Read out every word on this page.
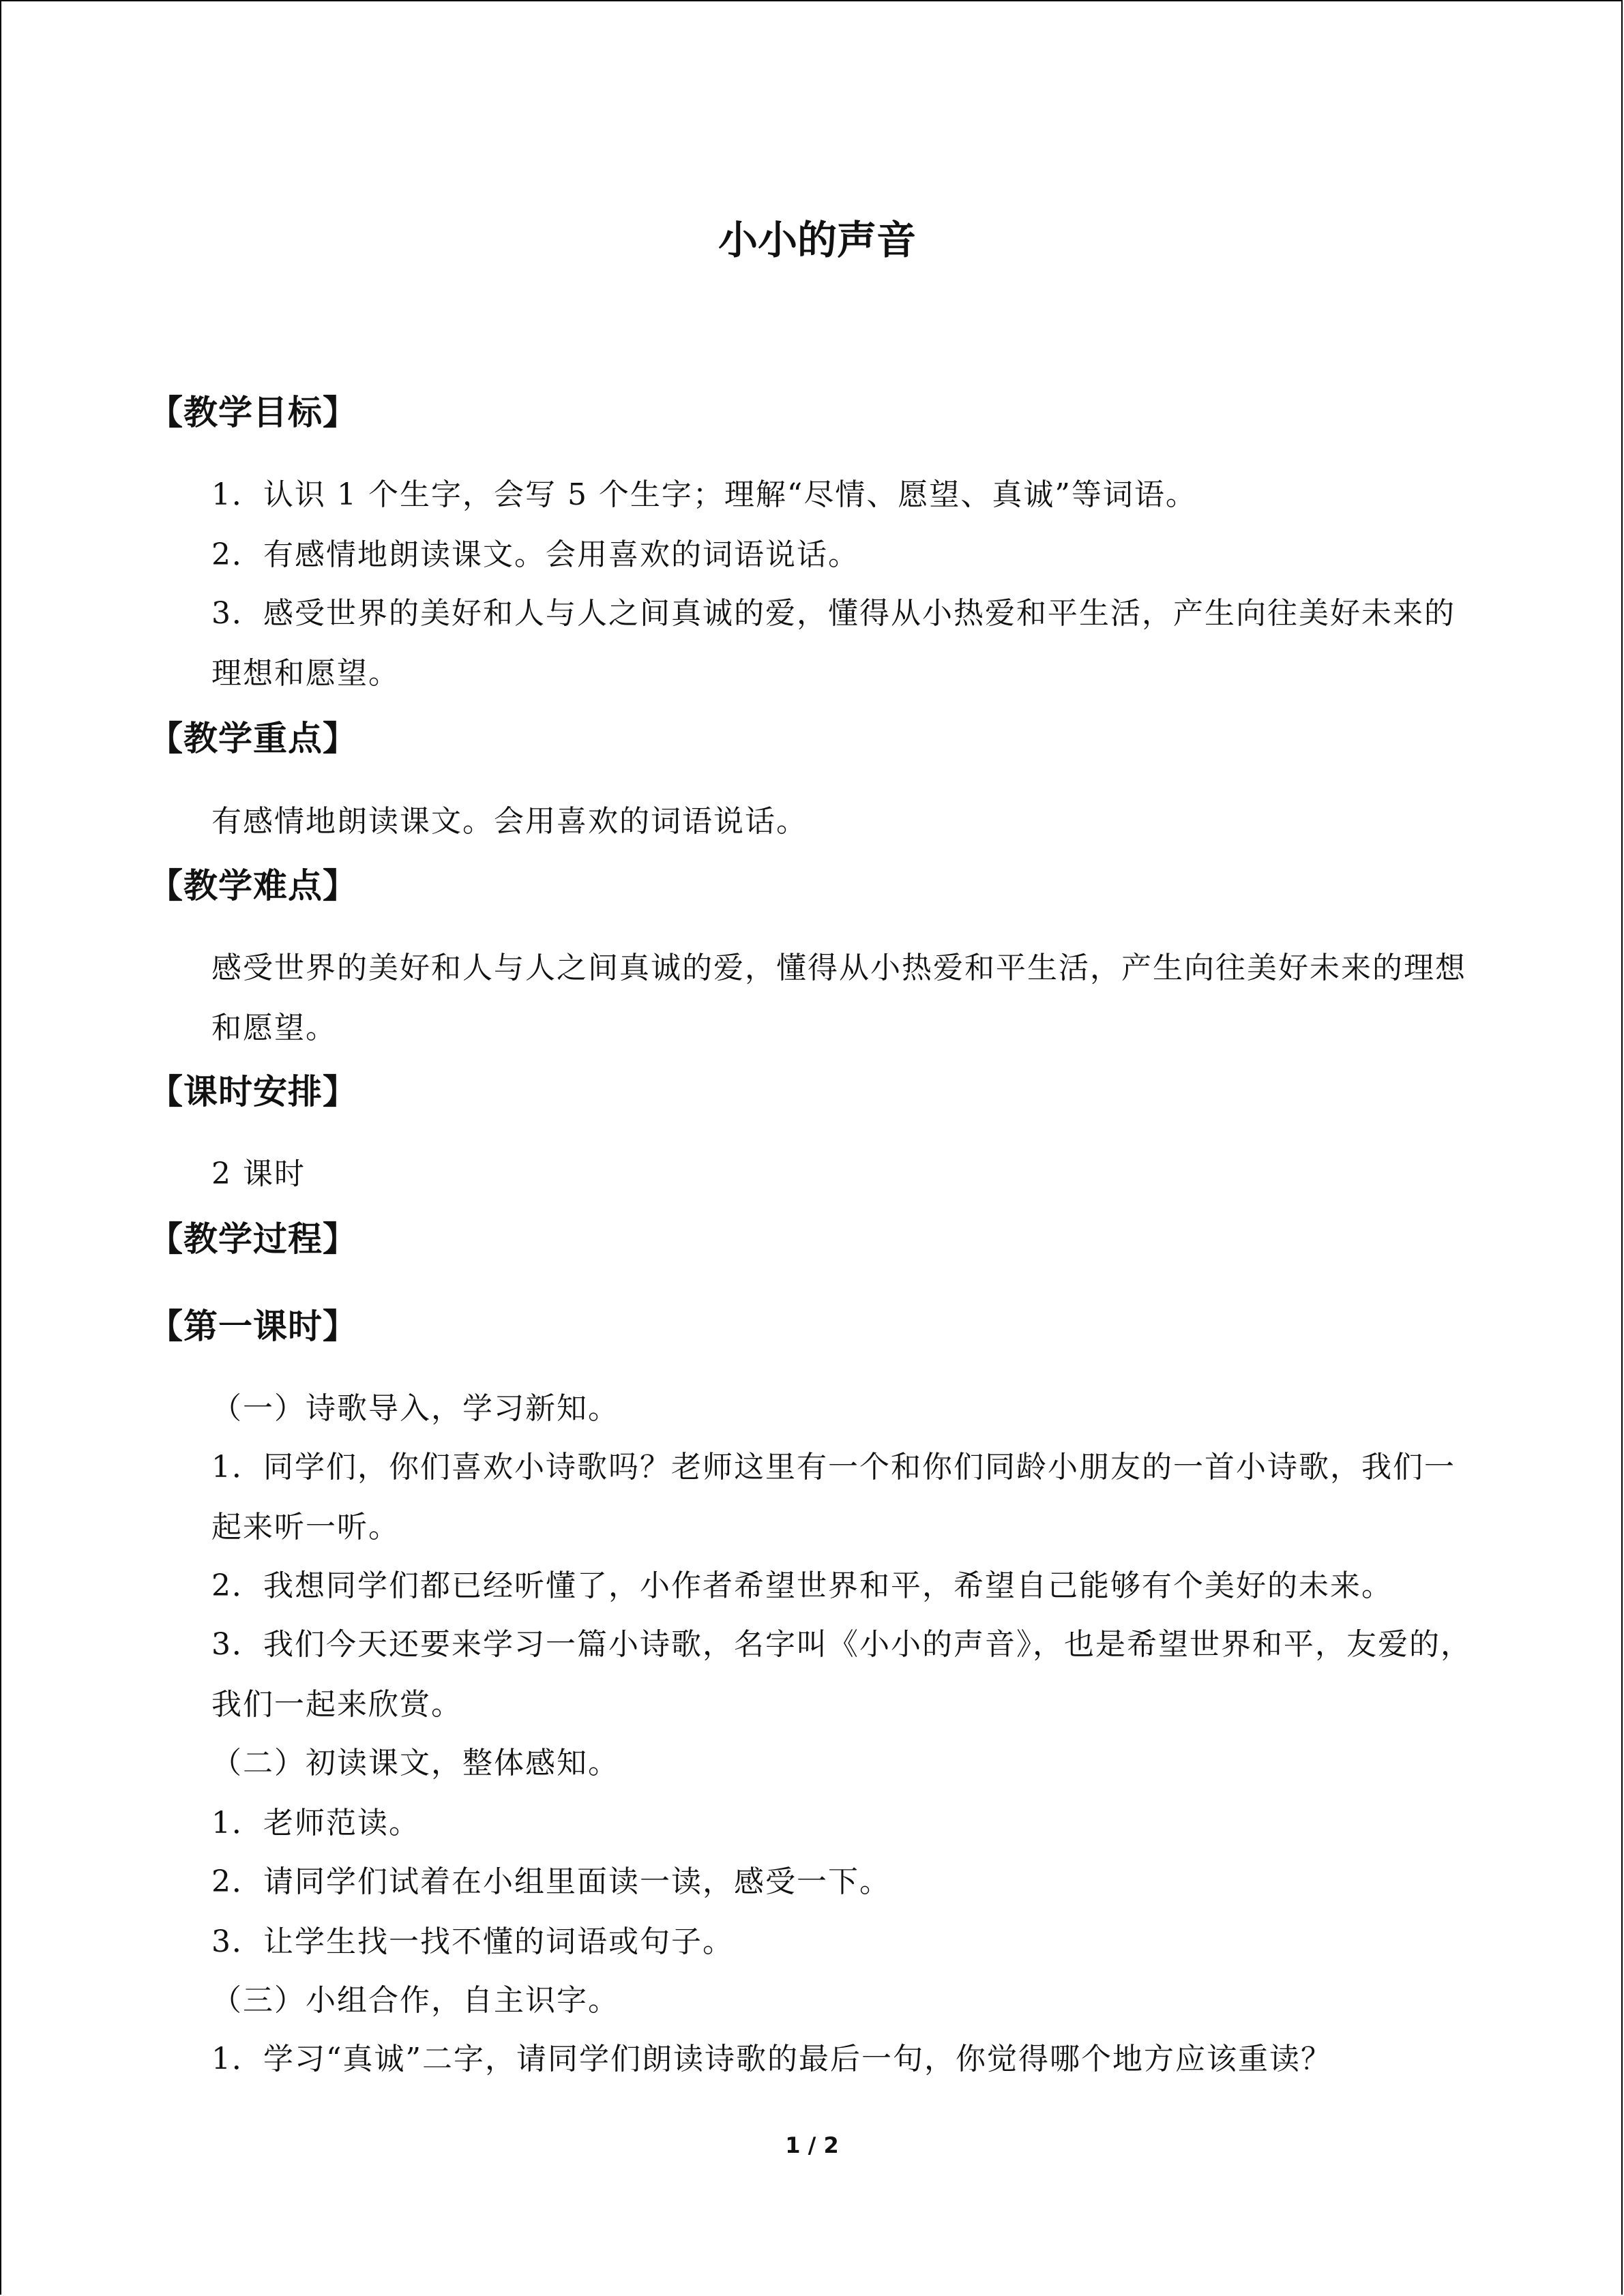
小小的声音
【教学目标】

1．认识 1 个生字，会写 5 个生字；理解“尽情、愿望、真诚”等词语。

2．有感情地朗读课文。会用喜欢的词语说话。

3．感受世界的美好和人与人之间真诚的爱，懂得从小热爱和平生活，产生向往美好未来的理想和愿望。

【教学重点】

有感情地朗读课文。会用喜欢的词语说话。

【教学难点】

感受世界的美好和人与人之间真诚的爱，懂得从小热爱和平生活，产生向往美好未来的理想和愿望。

【课时安排】

2 课时

【教学过程】
【第一课时】

（一）诗歌导入，学习新知。

1．同学们，你们喜欢小诗歌吗？老师这里有一个和你们同龄小朋友的一首小诗歌，我们一起来听一听。

2．我想同学们都已经听懂了，小作者希望世界和平，希望自己能够有个美好的未来。

3．我们今天还要来学习一篇小诗歌，名字叫《小小的声音》，也是希望世界和平，友爱的，我们一起来欣赏。

（二）初读课文，整体感知。

1．老师范读。

2．请同学们试着在小组里面读一读，感受一下。

3．让学生找一找不懂的词语或句子。

（三）小组合作，自主识字。

1．学习“真诚”二字，请同学们朗读诗歌的最后一句，你觉得哪个地方应该重读？

1 / 2
